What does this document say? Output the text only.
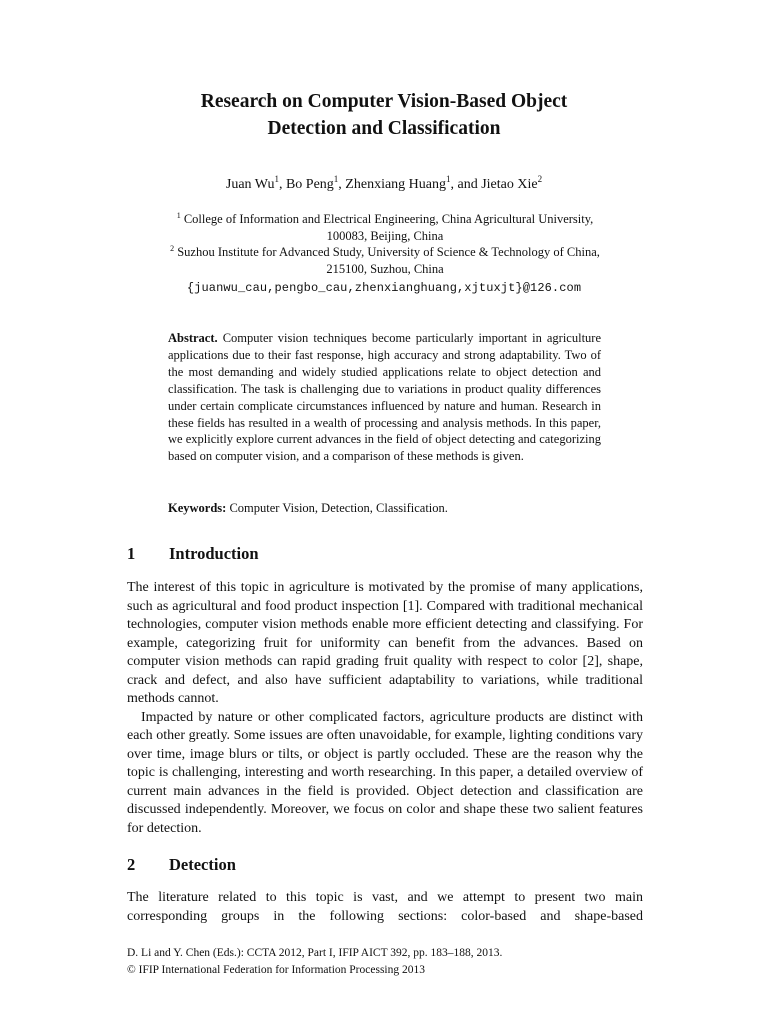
Research on Computer Vision-Based Object
Detection and Classification
Juan Wu$^1$, Bo Peng$^1$, Zhenxiang Huang$^1$, and Jietao Xie$^2$
$^1$ College of Information and Electrical Engineering, China Agricultural University,
100083, Beijing, China
$^2$ Suzhou Institute for Advanced Study, University of Science & Technology of China,
215100, Suzhou, China
{juanwu_cau,pengbo_cau,zhenxianghuang,xjtuxjt}@126.com
Abstract. Computer vision techniques become particularly important in agriculture applications due to their fast response, high accuracy and strong adaptability. Two of the most demanding and widely studied applications relate to object detection and classification. The task is challenging due to variations in product quality differences under certain complicate circumstances influenced by nature and human. Research in these fields has resulted in a wealth of processing and analysis methods. In this paper, we explicitly explore current advances in the field of object detecting and categorizing based on computer vision, and a comparison of these methods is given.
Keywords: Computer Vision, Detection, Classification.
1 Introduction

The interest of this topic in agriculture is motivated by the promise of many applications, such as agricultural and food product inspection [1]. Compared with traditional mechanical technologies, computer vision methods enable more efficient detecting and classifying. For example, categorizing fruit for uniformity can benefit from the advances. Based on computer vision methods can rapid grading fruit quality with respect to color [2], shape, crack and defect, and also have sufficient adaptability to variations, while traditional methods cannot.

Impacted by nature or other complicated factors, agriculture products are distinct with each other greatly. Some issues are often unavoidable, for example, lighting conditions vary over time, image blurs or tilts, or object is partly occluded. These are the reason why the topic is challenging, interesting and worth researching. In this paper, a detailed overview of current main advances in the field is provided. Object detection and classification are discussed independently. Moreover, we focus on color and shape these two salient features for detection.

2 Detection

The literature related to this topic is vast, and we attempt to present two main corresponding groups in the following sections: color-based and shape-based

D. Li and Y. Chen (Eds.): CCTA 2012, Part I, IFIP AICT 392, pp. 183–188, 2013.
© IFIP International Federation for Information Processing 2013
